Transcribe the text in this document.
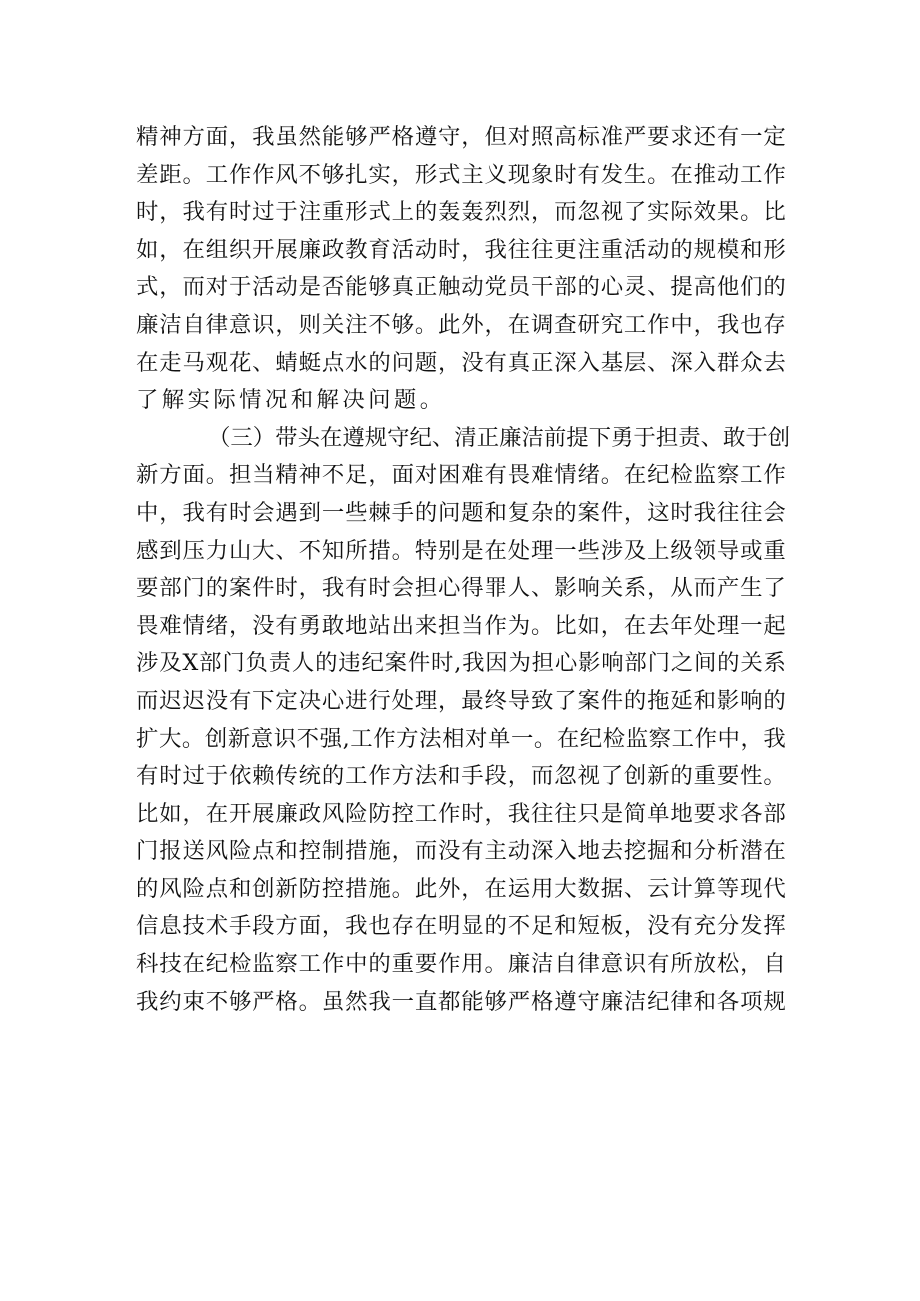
精 神 方 面 ， 我 虽 然 能 够 严 格 遵 守 ， 但 对 照 高 标 准 严 要 求 还 有 一 定
差 距 。 工 作 作 风 不 够 扎 实 ， 形 式 主 义 现 象 时 有 发 生 。 在 推 动 工 作
时 ， 我 有 时 过 于 注 重 形 式 上 的 轰 轰 烈 烈 ， 而 忽 视 了 实 际 效 果 。 比
如 ， 在 组 织 开 展 廉 政 教 育 活 动 时 ， 我 往 往 更 注 重 活 动 的 规 模 和 形
式 ， 而 对 于 活 动 是 否 能 够 真 正 触 动 党 员 干 部 的 心 灵 、 提 高 他 们 的
廉 洁 自 律 意 识 ， 则 关 注 不 够 。 此 外 ， 在 调 查 研 究 工 作 中 ， 我 也 存
在 走 马 观 花 、 蜻 蜓 点 水 的 问 题 ， 没 有 真 正 深 入 基 层 、 深 入 群 众 去
了解实际情况和解决问题。
（ 三 ） 带 头 在 遵 规 守 纪 、 清 正 廉 洁 前 提 下 勇 于 担 责 、 敢 于 创
新 方 面 。 担 当 精 神 不 足 ， 面 对 困 难 有 畏 难 情 绪 。 在 纪 检 监 察 工 作
中 ， 我 有 时 会 遇 到 一 些 棘 手 的 问 题 和 复 杂 的 案 件 ， 这 时 我 往 往 会
感 到 压 力 山 大 、 不 知 所 措 。 特 别 是 在 处 理 一 些 涉 及 上 级 领 导 或 重
要 部 门 的 案 件 时 ， 我 有 时 会 担 心 得 罪 人 、 影 响 关 系 ， 从 而 产 生 了
畏 难 情 绪 ， 没 有 勇 敢 地 站 出 来 担 当 作 为 。 比 如 ， 在 去 年 处 理 一 起
涉 及 X 部 门 负 责 人 的 违 纪 案 件 时 , 我 因 为 担 心 影 响 部 门 之 间 的 关 系
而 迟 迟 没 有 下 定 决 心 进 行 处 理 ， 最 终 导 致 了 案 件 的 拖 延 和 影 响 的
扩 大 。 创 新 意 识 不 强 , 工 作 方 法 相 对 单 一 。 在 纪 检 监 察 工 作 中 ， 我
有 时 过 于 依 赖 传 统 的 工 作 方 法 和 手 段 ， 而 忽 视 了 创 新 的 重 要 性 。
比 如 ， 在 开 展 廉 政 风 险 防 控 工 作 时 ， 我 往 往 只 是 简 单 地 要 求 各 部
门 报 送 风 险 点 和 控 制 措 施 ， 而 没 有 主 动 深 入 地 去 挖 掘 和 分 析 潜 在
的 风 险 点 和 创 新 防 控 措 施 。 此 外 ， 在 运 用 大 数 据 、 云 计 算 等 现 代
信 息 技 术 手 段 方 面 ， 我 也 存 在 明 显 的 不 足 和 短 板 ， 没 有 充 分 发 挥
科 技 在 纪 检 监 察 工 作 中 的 重 要 作 用 。 廉 洁 自 律 意 识 有 所 放 松 ， 自
我 约 束 不 够 严 格 。 虽 然 我 一 直 都 能 够 严 格 遵 守 廉 洁 纪 律 和 各 项 规
